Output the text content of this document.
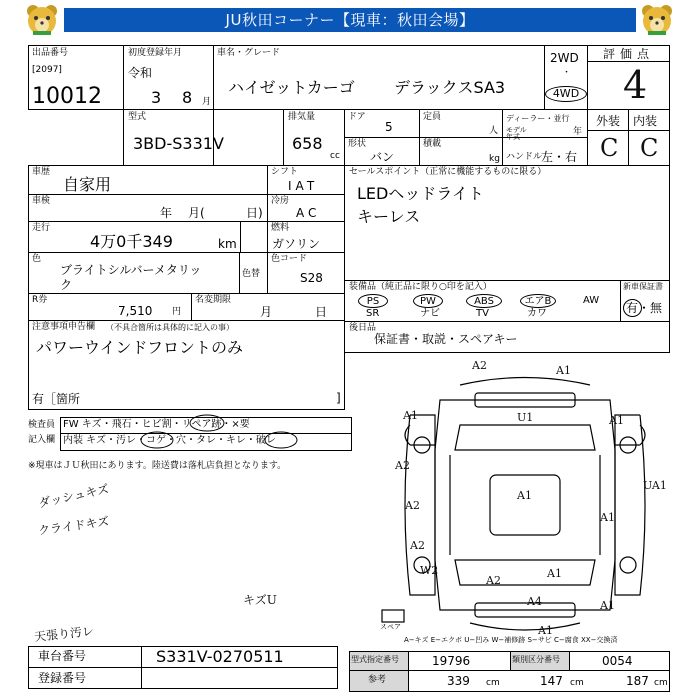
JU秋田コーナー【現車：秋田会場】
出品番号
[2097]
10012
初度登録年月
令和
3 8 月
車名・グレード
ハイゼットカーゴ デラックスSA3
2WD
・
4WD
評価点
4
型式
3BD-S331V
排気量
658
cc
ドア
5
定員
人
ディーラー・並行
モデル年式	年
形状
バン
積載
kg ハンドル
左・右
外装 内装
C C
車歴
自家用
シフト
IAT
車検
年 月(	日)
冷房
AC
走行
4万0千349	km
燃料
ガソリン
色
ブライトシルバーメタリッ
ク
色替
色コード
S28
R券
7,510 円
名変期限
月	日
注意事項申告欄 （不具合箇所は具体的に記入の事）
パワーウインドフロントのみ
有［箇所	]
検査員
記入欄
FW キズ・飛石・ヒビ割・リペア跡・×要
内装 キズ・汚レ・コゲ・穴・タレ・キレ・破レ
※現車はＪＵ秋田にあります。陸送費は落札店負担となります。
ダッシュキズ
クライドキズ
キズU
天張り汚レ
セールスポイント（正常に機能するものに限る）
LEDヘッドライト
キーレス
装備品（純正品に限り○印を記入）
PS	PW	ABS	エアB	AW
SR	ナビ	TV	カワ
新車保証書
有・無
後日品
保証書・取説・スペアキー
スペア
A2	A1
A1	U1	A1
A2
UA1
A2
A2
A1
A1
A4	A1
A1
W2
A2
A1
A−キズ E−エクボ U−凹み W−補修跡 S−サビ C−腐食 XX−交換済
車台番号	S331V-0270511
登録番号
型式指定番号	19796	類別区分番号	0054
参考	339 cm	147 cm	187 cm
